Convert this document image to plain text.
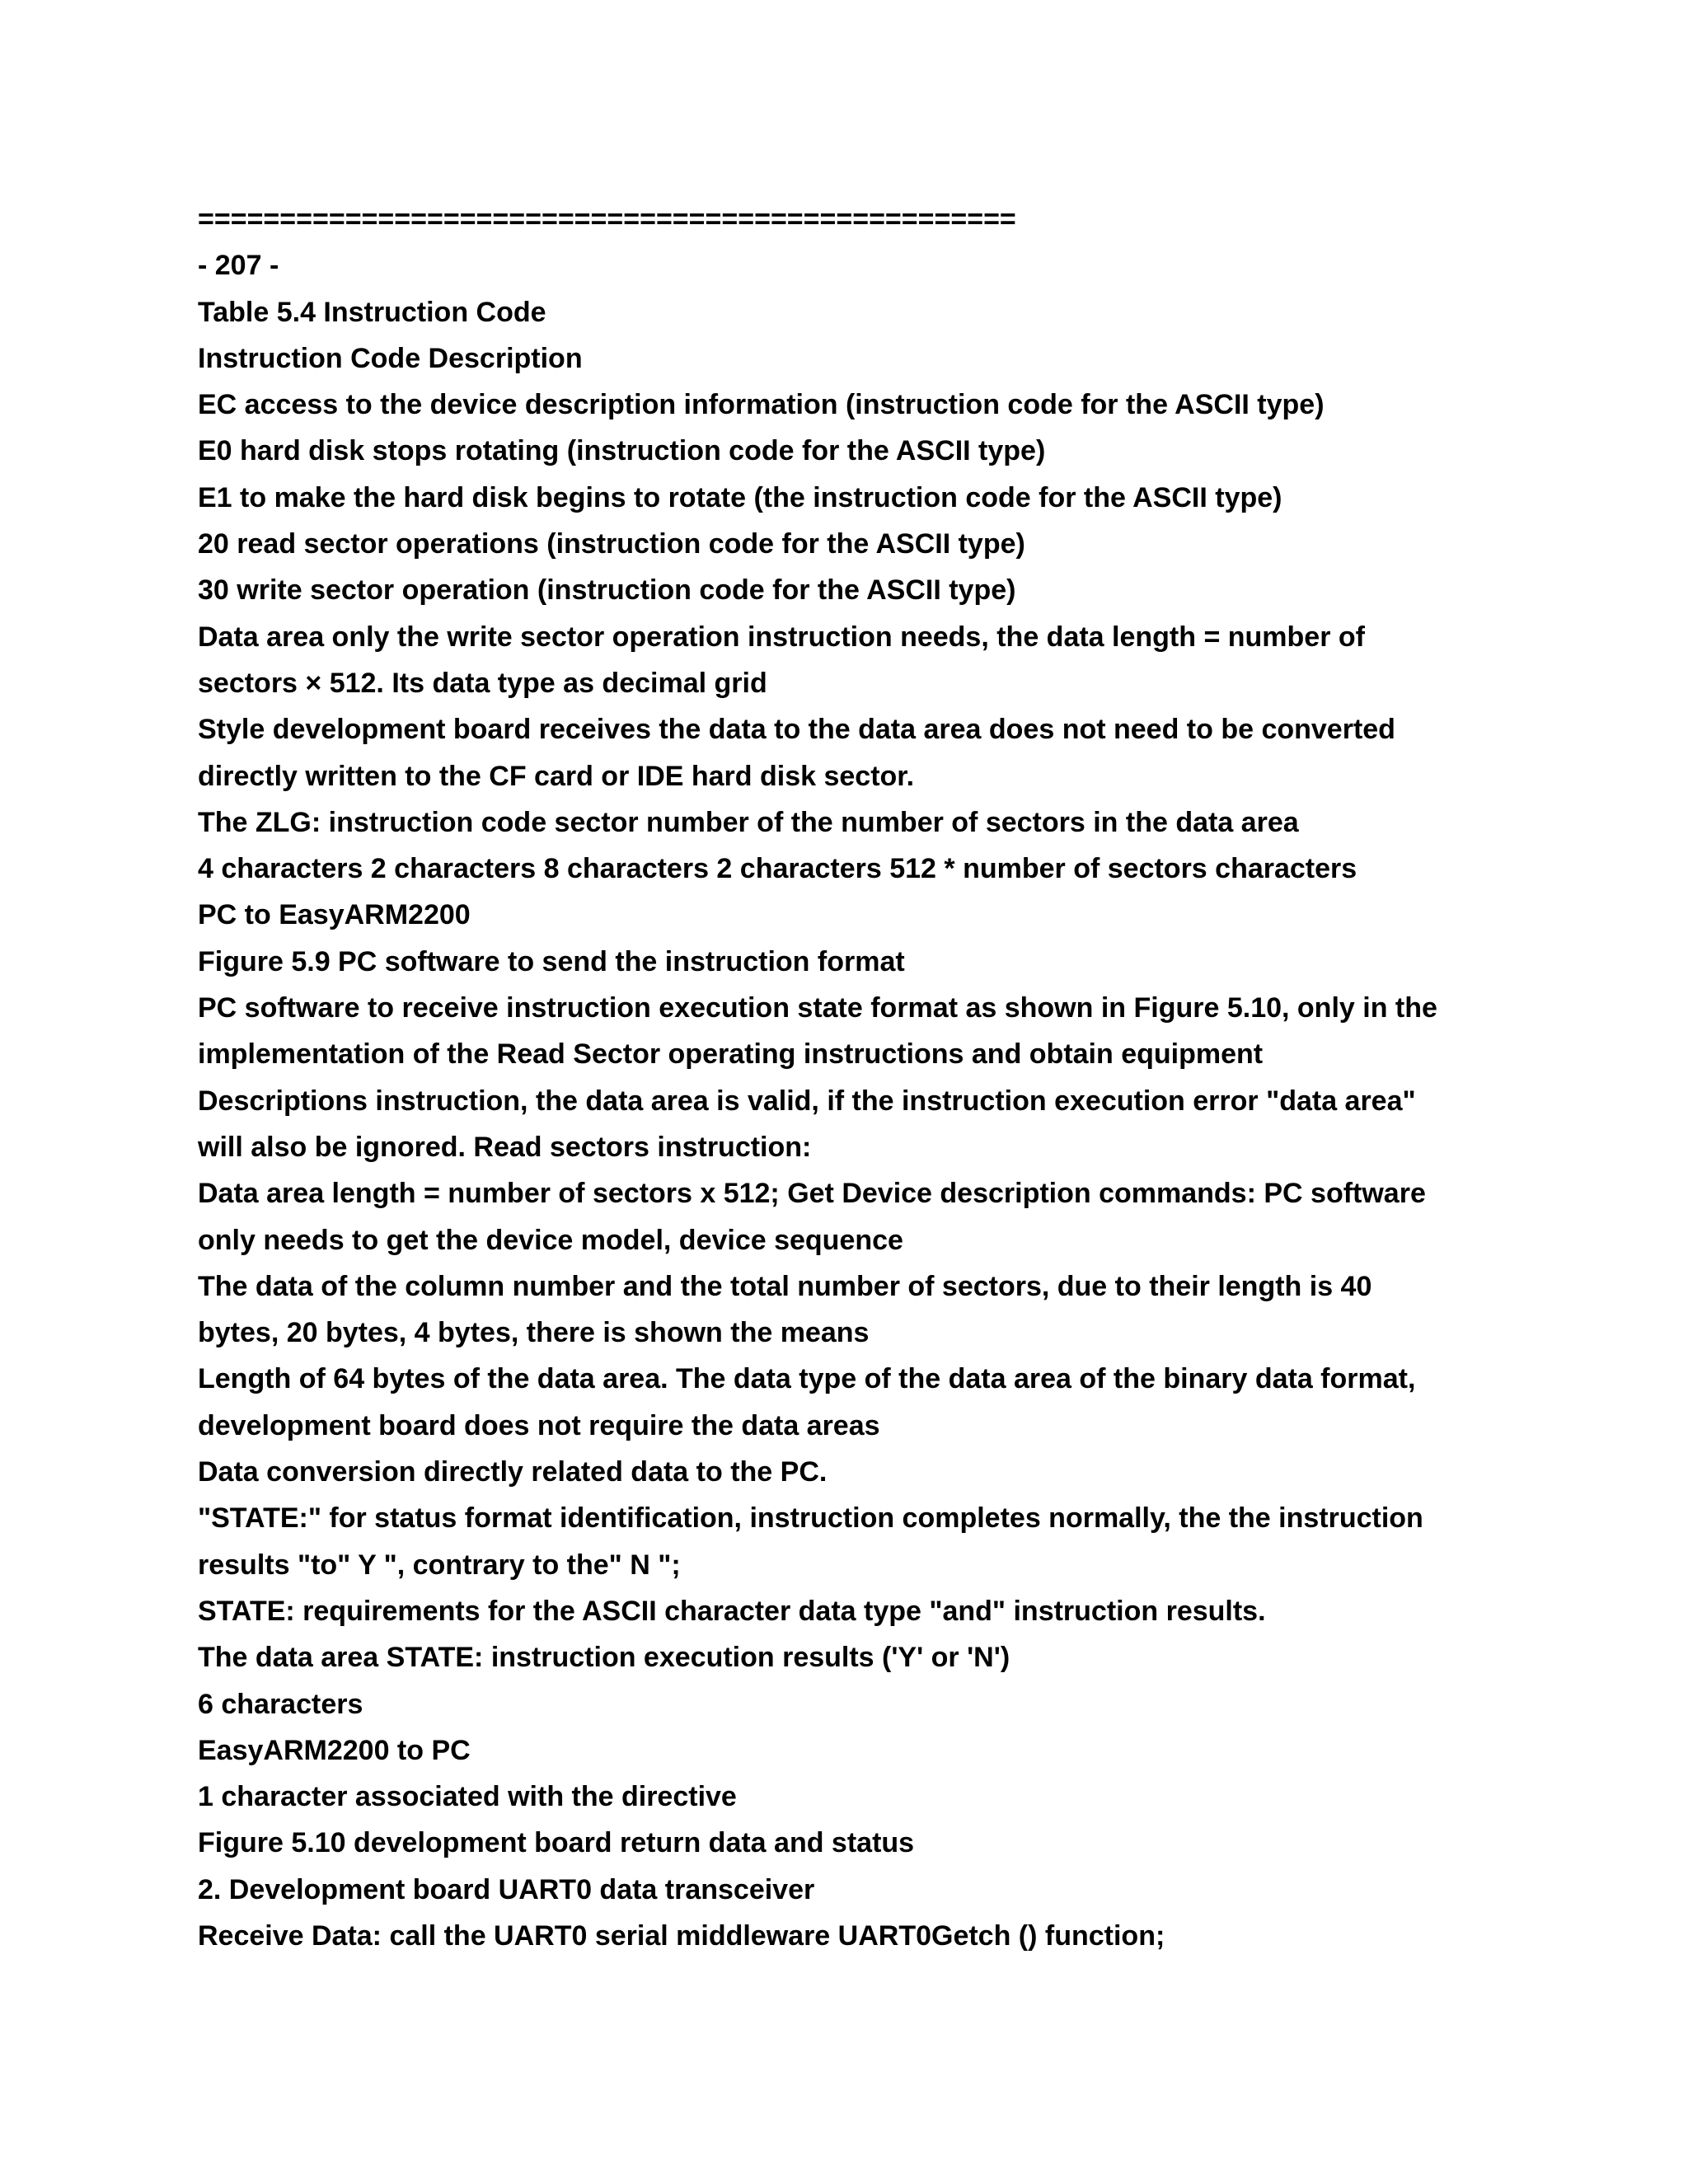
==================================================

- 207 -

Table 5.4 Instruction Code

Instruction Code Description

EC access to the device description information (instruction code for the ASCII type)

E0 hard disk stops rotating (instruction code for the ASCII type)

E1 to make the hard disk begins to rotate (the instruction code for the ASCII type)

20 read sector operations (instruction code for the ASCII type)

30 write sector operation (instruction code for the ASCII type)

Data area only the write sector operation instruction needs, the data length = number of

sectors × 512. Its data type as decimal grid

Style development board receives the data to the data area does not need to be converted

directly written to the CF card or IDE hard disk sector.

The ZLG: instruction code sector number of the number of sectors in the data area

4 characters 2 characters 8 characters 2 characters 512 * number of sectors characters

PC to EasyARM2200

Figure 5.9 PC software to send the instruction format

PC software to receive instruction execution state format as shown in Figure 5.10, only in the

implementation of the Read Sector operating instructions and obtain equipment

Descriptions instruction, the data area is valid, if the instruction execution error "data area"

will also be ignored. Read sectors instruction:

Data area length = number of sectors x 512; Get Device description commands: PC software

only needs to get the device model, device sequence

The data of the column number and the total number of sectors, due to their length is 40

bytes, 20 bytes, 4 bytes, there is shown the means

Length of 64 bytes of the data area. The data type of the data area of the binary data format,

development board does not require the data areas

Data conversion directly related data to the PC.

"STATE:" for status format identification, instruction completes normally, the the instruction

results "to" Y ", contrary to the" N ";

STATE: requirements for the ASCII character data type "and" instruction results.

The data area STATE: instruction execution results ('Y' or 'N')

6 characters

EasyARM2200 to PC

1 character associated with the directive

Figure 5.10 development board return data and status

2. Development board UART0 data transceiver

Receive Data: call the UART0 serial middleware UART0Getch () function;
